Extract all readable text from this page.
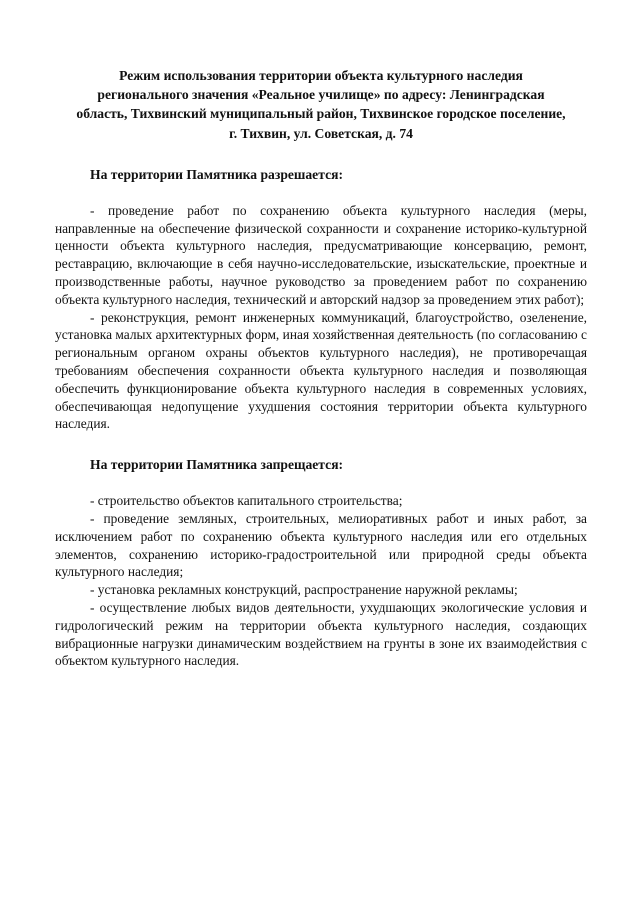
Режим использования территории объекта культурного наследия
регионального значения «Реальное училище» по адресу: Ленинградская
область, Тихвинский муниципальный район, Тихвинское городское поселение,
г. Тихвин, ул. Советская, д. 74
На территории Памятника разрешается:

- проведение работ по сохранению объекта культурного наследия (меры, направленные на обеспечение физической сохранности и сохранение историко-культурной ценности объекта культурного наследия, предусматривающие консервацию, ремонт, реставрацию, включающие в себя научно-исследовательские, изыскательские, проектные и производственные работы, научное руководство за проведением работ по сохранению объекта культурного наследия, технический и авторский надзор за проведением этих работ);

- реконструкция, ремонт инженерных коммуникаций, благоустройство, озеленение, установка малых архитектурных форм, иная хозяйственная деятельность (по согласованию с региональным органом охраны объектов культурного наследия), не противоречащая требованиям обеспечения сохранности объекта культурного наследия и позволяющая обеспечить функционирование объекта культурного наследия в современных условиях, обеспечивающая недопущение ухудшения состояния территории объекта культурного наследия.

На территории Памятника запрещается:

- строительство объектов капитального строительства;

- проведение земляных, строительных, мелиоративных работ и иных работ, за исключением работ по сохранению объекта культурного наследия или его отдельных элементов, сохранению историко-градостроительной или природной среды объекта культурного наследия;

- установка рекламных конструкций, распространение наружной рекламы;

- осуществление любых видов деятельности, ухудшающих экологические условия и гидрологический режим на территории объекта культурного наследия, создающих вибрационные нагрузки динамическим воздействием на грунты в зоне их взаимодействия с объектом культурного наследия.
